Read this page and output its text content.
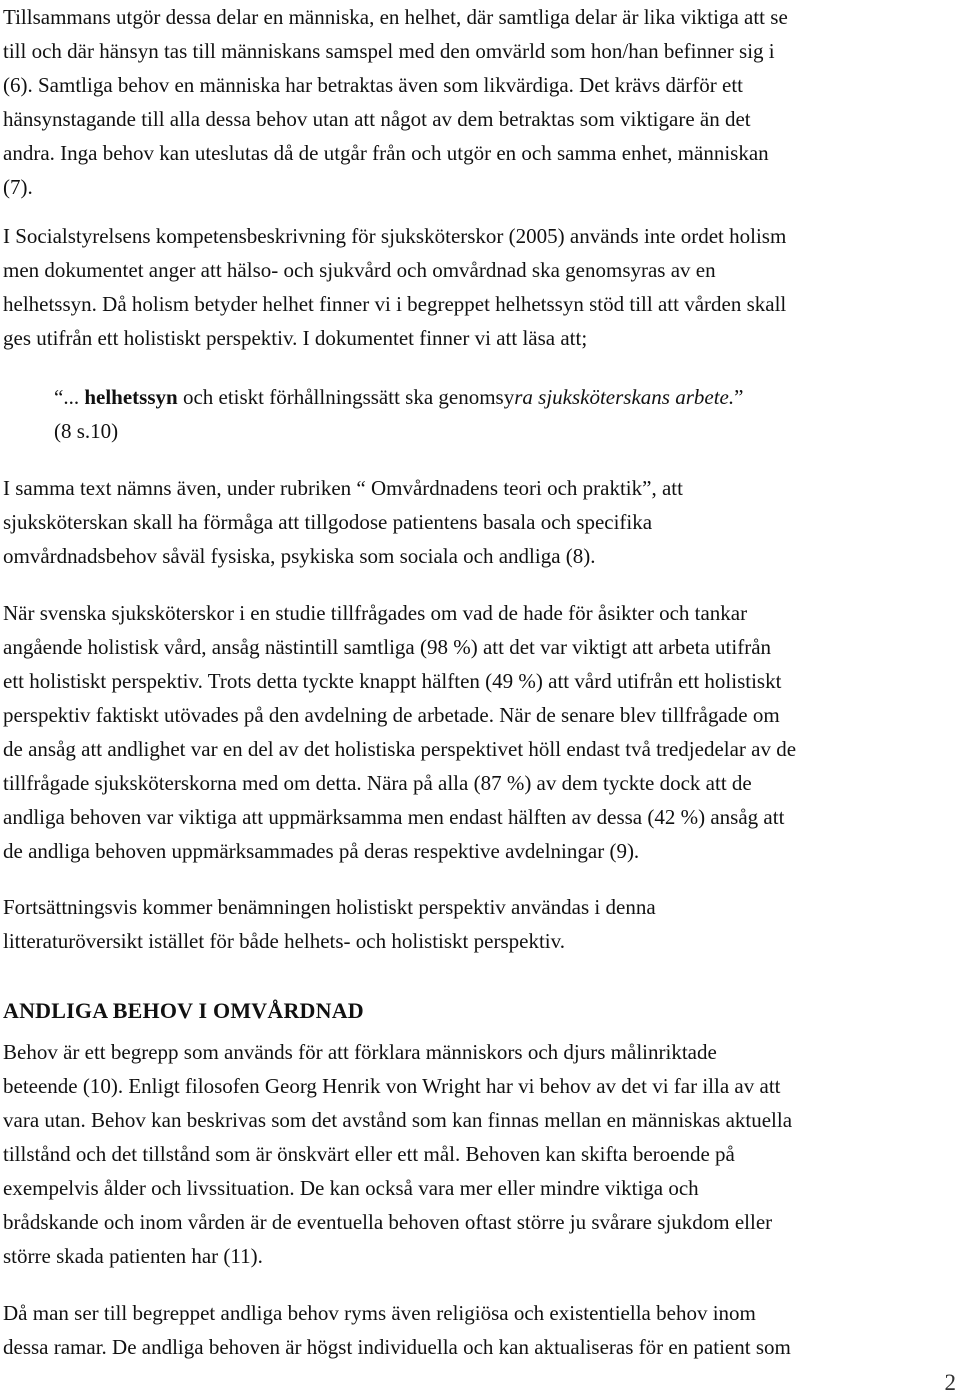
Tillsammans utgör dessa delar en människa, en helhet, där samtliga delar är lika viktiga att se
till och där hänsyn tas till människans samspel med den omvärld som hon/han befinner sig i
(6). Samtliga behov en människa har betraktas även som likvärdiga. Det krävs därför ett
hänsynstagande till alla dessa behov utan att något av dem betraktas som viktigare än det
andra. Inga behov kan uteslutas då de utgår från och utgör en och samma enhet, människan
(7).

I Socialstyrelsens kompetensbeskrivning för sjuksköterskor (2005) används inte ordet holism
men dokumentet anger att hälso- och sjukvård och omvårdnad ska genomsyras av en
helhetssyn. Då holism betyder helhet finner vi i begreppet helhetssyn stöd till att vården skall
ges utifrån ett holistiskt perspektiv. I dokumentet finner vi att läsa att;

“... helhetssyn och etiskt förhållningssätt ska genomsyra sjuksköterskans arbete.”

(8 s.10)

I samma text nämns även, under rubriken “ Omvårdnadens teori och praktik”, att
sjuksköterskan skall ha förmåga att tillgodose patientens basala och specifika
omvårdnadsbehov såväl fysiska, psykiska som sociala och andliga (8).

När svenska sjuksköterskor i en studie tillfrågades om vad de hade för åsikter och tankar
angående holistisk vård, ansåg nästintill samtliga (98 %) att det var viktigt att arbeta utifrån
ett holistiskt perspektiv. Trots detta tyckte knappt hälften (49 %) att vård utifrån ett holistiskt
perspektiv faktiskt utövades på den avdelning de arbetade. När de senare blev tillfrågade om
de ansåg att andlighet var en del av det holistiska perspektivet höll endast två tredjedelar av de
tillfrågade sjuksköterskorna med om detta. Nära på alla (87 %) av dem tyckte dock att de
andliga behoven var viktiga att uppmärksamma men endast hälften av dessa (42 %) ansåg att
de andliga behoven uppmärksammades på deras respektive avdelningar (9).

Fortsättningsvis kommer benämningen holistiskt perspektiv användas i denna
litteraturöversikt istället för både helhets- och holistiskt perspektiv.

ANDLIGA BEHOV I OMVÅRDNAD

Behov är ett begrepp som används för att förklara människors och djurs målinriktade
beteende (10). Enligt filosofen Georg Henrik von Wright har vi behov av det vi far illa av att
vara utan. Behov kan beskrivas som det avstånd som kan finnas mellan en människas aktuella
tillstånd och det tillstånd som är önskvärt eller ett mål. Behoven kan skifta beroende på
exempelvis ålder och livssituation. De kan också vara mer eller mindre viktiga och
brådskande och inom vården är de eventuella behoven oftast större ju svårare sjukdom eller
större skada patienten har (11).

Då man ser till begreppet andliga behov ryms även religiösa och existentiella behov inom
dessa ramar. De andliga behoven är högst individuella och kan aktualiseras för en patient som

2
